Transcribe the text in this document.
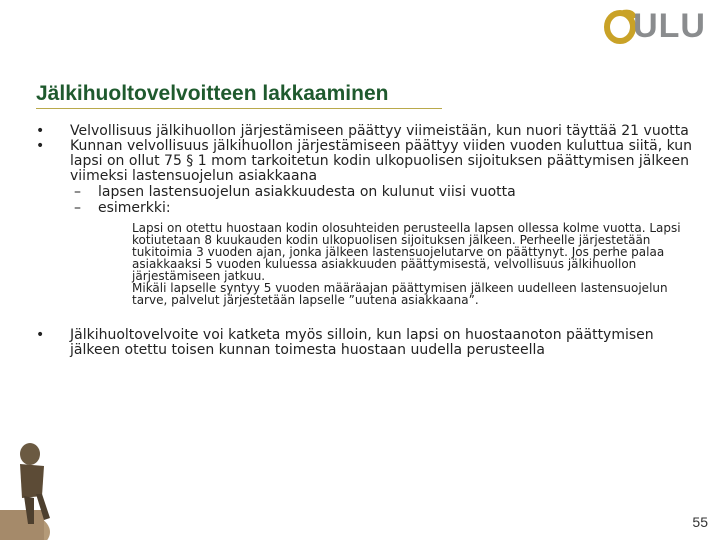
ULU
Jälkihuoltovelvoitteen lakkaaminen
•	Velvollisuus jälkihuollon järjestämiseen päättyy viimeistään, kun nuori täyttää 21 vuotta
•	Kunnan velvollisuus jälkihuollon järjestämiseen päättyy viiden vuoden kuluttua siitä, kun lapsi on ollut 75 § 1 mom tarkoitetun kodin ulkopuolisen sijoituksen päättymisen jälkeen viimeksi lastensuojelun asiakkaana
– lapsen lastensuojelun asiakkuudesta on kulunut viisi vuotta
– esimerkki:
Lapsi on otettu huostaan kodin olosuhteiden perusteella lapsen ollessa kolme vuotta. Lapsi kotiutetaan 8 kuukauden kodin ulkopuolisen sijoituksen jälkeen. Perheelle järjestetään tukitoimia 3 vuoden ajan, jonka jälkeen lastensuojelutarve on päättynyt. Jos perhe palaa asiakkaaksi 5 vuoden kuluessa asiakkuuden päättymisestä, velvollisuus jälkihuollon järjestämiseen jatkuu.
Mikäli lapselle syntyy 5 vuoden määräajan päättymisen jälkeen uudelleen lastensuojelun tarve, palvelut järjestetään lapselle ”uutena asiakkaana”.
•	Jälkihuoltovelvoite voi katketa myös silloin, kun lapsi on huostaanoton päättymisen jälkeen otettu toisen kunnan toimesta huostaan uudella perusteella
55
